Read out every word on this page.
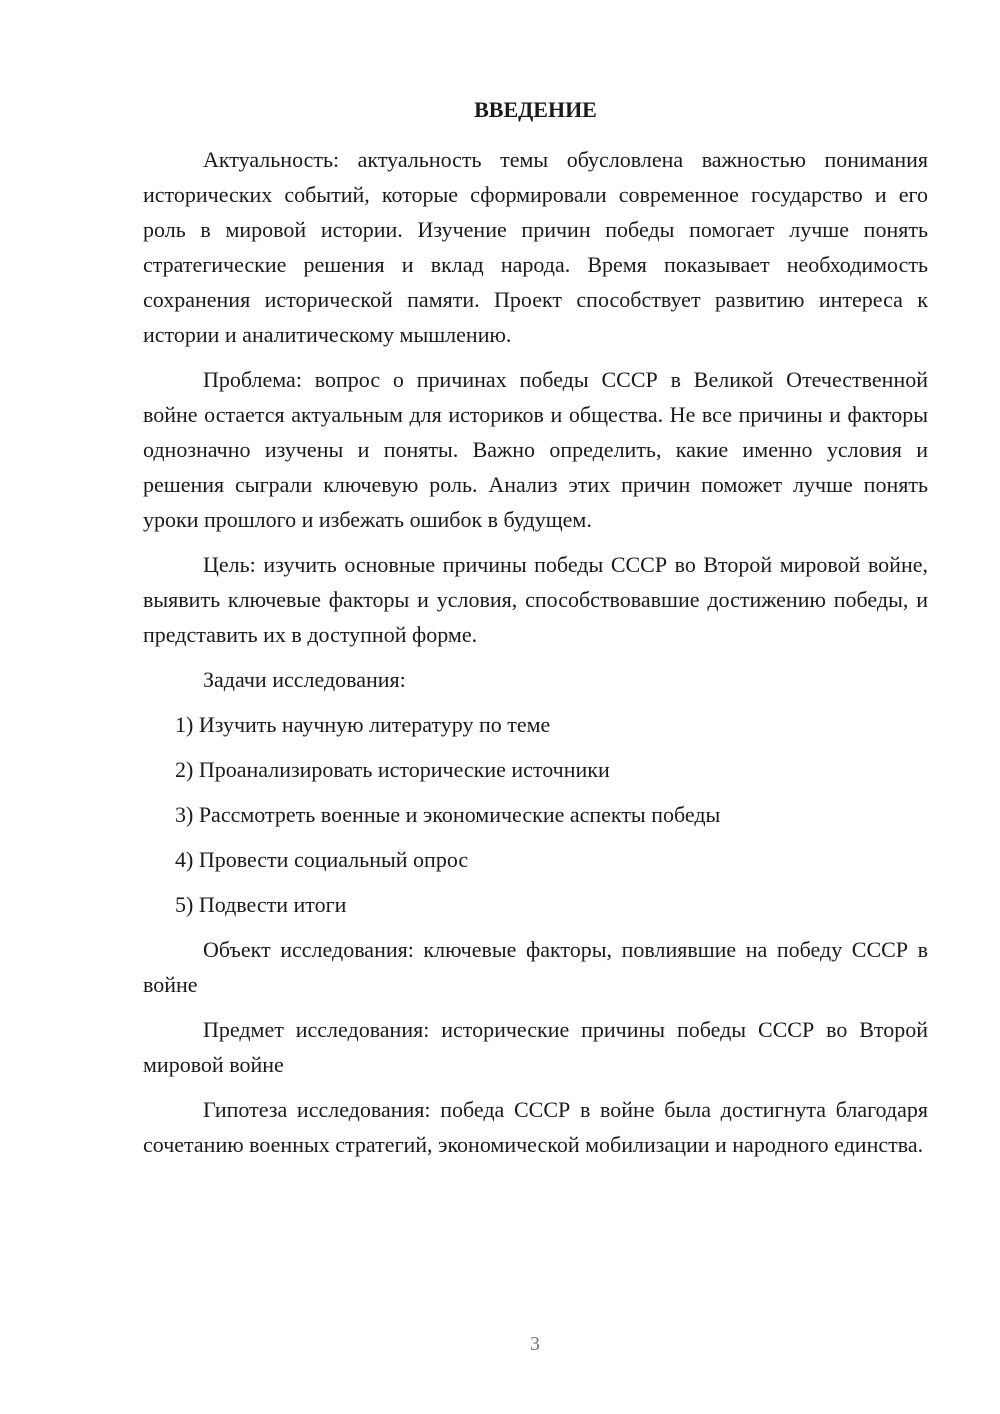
ВВЕДЕНИЕ

Актуальность: актуальность темы обусловлена важностью понимания исторических событий, которые сформировали современное государство и его роль в мировой истории. Изучение причин победы помогает лучше понять стратегические решения и вклад народа. Время показывает необходимость сохранения исторической памяти. Проект способствует развитию интереса к истории и аналитическому мышлению.

Проблема: вопрос о причинах победы СССР в Великой Отечественной войне остается актуальным для историков и общества. Не все причины и факторы однозначно изучены и поняты. Важно определить, какие именно условия и решения сыграли ключевую роль. Анализ этих причин поможет лучше понять уроки прошлого и избежать ошибок в будущем.

Цель: изучить основные причины победы СССР во Второй мировой войне, выявить ключевые факторы и условия, способствовавшие достижению победы, и представить их в доступной форме.

Задачи исследования:
1) Изучить научную литературу по теме
2) Проанализировать исторические источники
3) Рассмотреть военные и экономические аспекты победы
4) Провести социальный опрос
5) Подвести итоги

Объект исследования: ключевые факторы, повлиявшие на победу СССР в войне

Предмет исследования: исторические причины победы СССР во Второй мировой войне

Гипотеза исследования: победа СССР в войне была достигнута благодаря сочетанию военных стратегий, экономической мобилизации и народного единства.

3
